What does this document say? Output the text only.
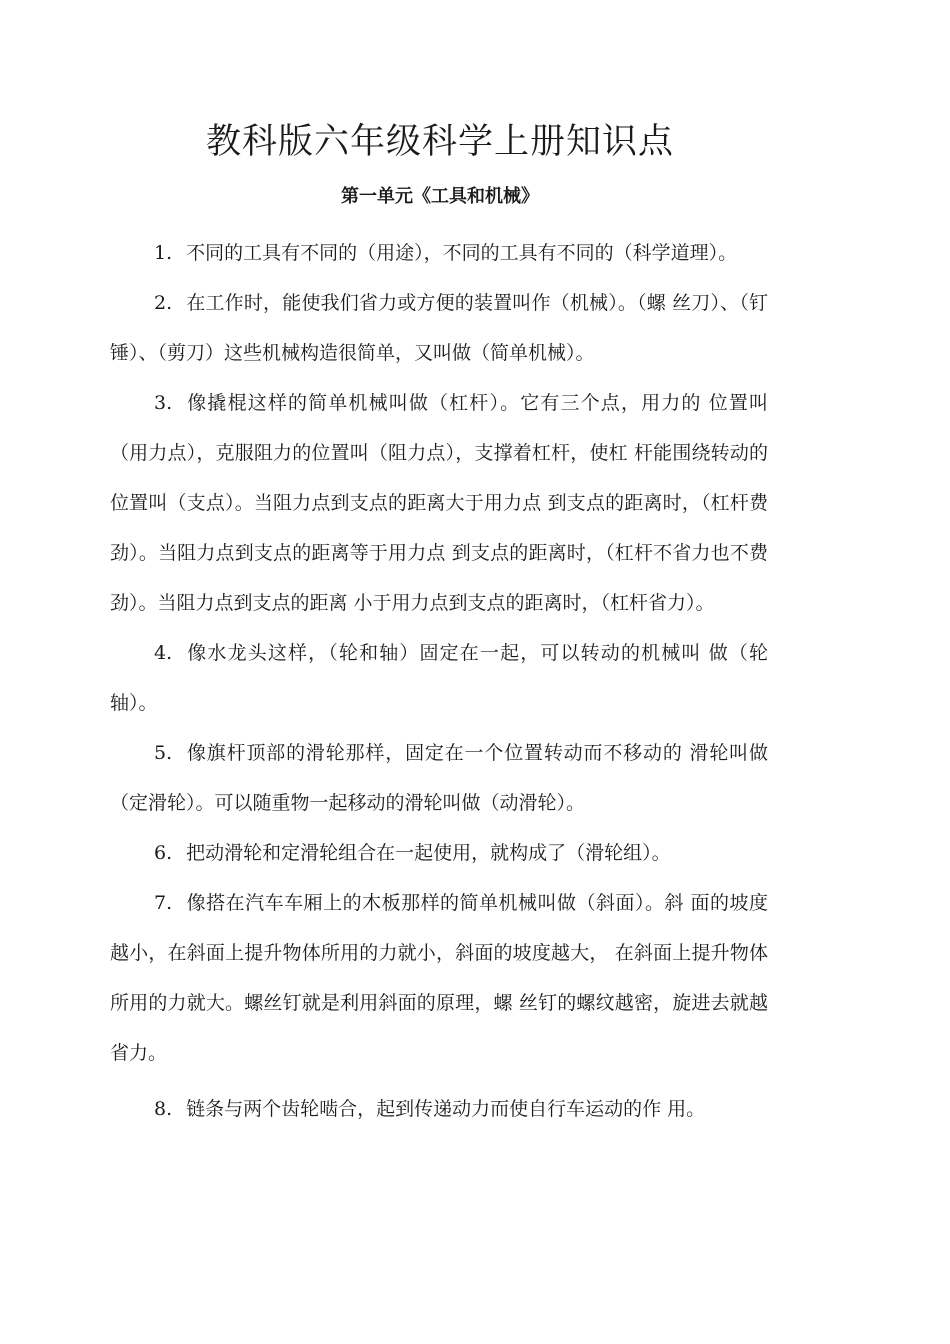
教科版六年级科学上册知识点
第一单元《工具和机械》

1. 不同的工具有不同的（用途），不同的工具有不同的（科学道理）。

2. 在工作时，能使我们省力或方便的装置叫作（机械）。（螺 丝刀）、（钉锤）、（剪刀）这些机械构造很简单，又叫做（简单机械）。

3. 像撬棍这样的简单机械叫做（杠杆）。它有三个点，用力的 位置叫（用力点），克服阻力的位置叫（阻力点），支撑着杠杆，使杠 杆能围绕转动的位置叫（支点）。当阻力点到支点的距离大于用力点 到支点的距离时，（杠杆费劲）。当阻力点到支点的距离等于用力点 到支点的距离时，（杠杆不省力也不费劲）。当阻力点到支点的距离 小于用力点到支点的距离时，（杠杆省力）。

4. 像水龙头这样，（轮和轴）固定在一起，可以转动的机械叫 做（轮轴）。

5. 像旗杆顶部的滑轮那样，固定在一个位置转动而不移动的 滑轮叫做（定滑轮）。可以随重物一起移动的滑轮叫做（动滑轮）。

6. 把动滑轮和定滑轮组合在一起使用，就构成了（滑轮组）。

7. 像搭在汽车车厢上的木板那样的简单机械叫做（斜面）。斜 面的坡度越小，在斜面上提升物体所用的力就小，斜面的坡度越大， 在斜面上提升物体所用的力就大。螺丝钉就是利用斜面的原理，螺 丝钉的螺纹越密，旋进去就越省力。

8. 链条与两个齿轮啮合，起到传递动力而使自行车运动的作 用。
